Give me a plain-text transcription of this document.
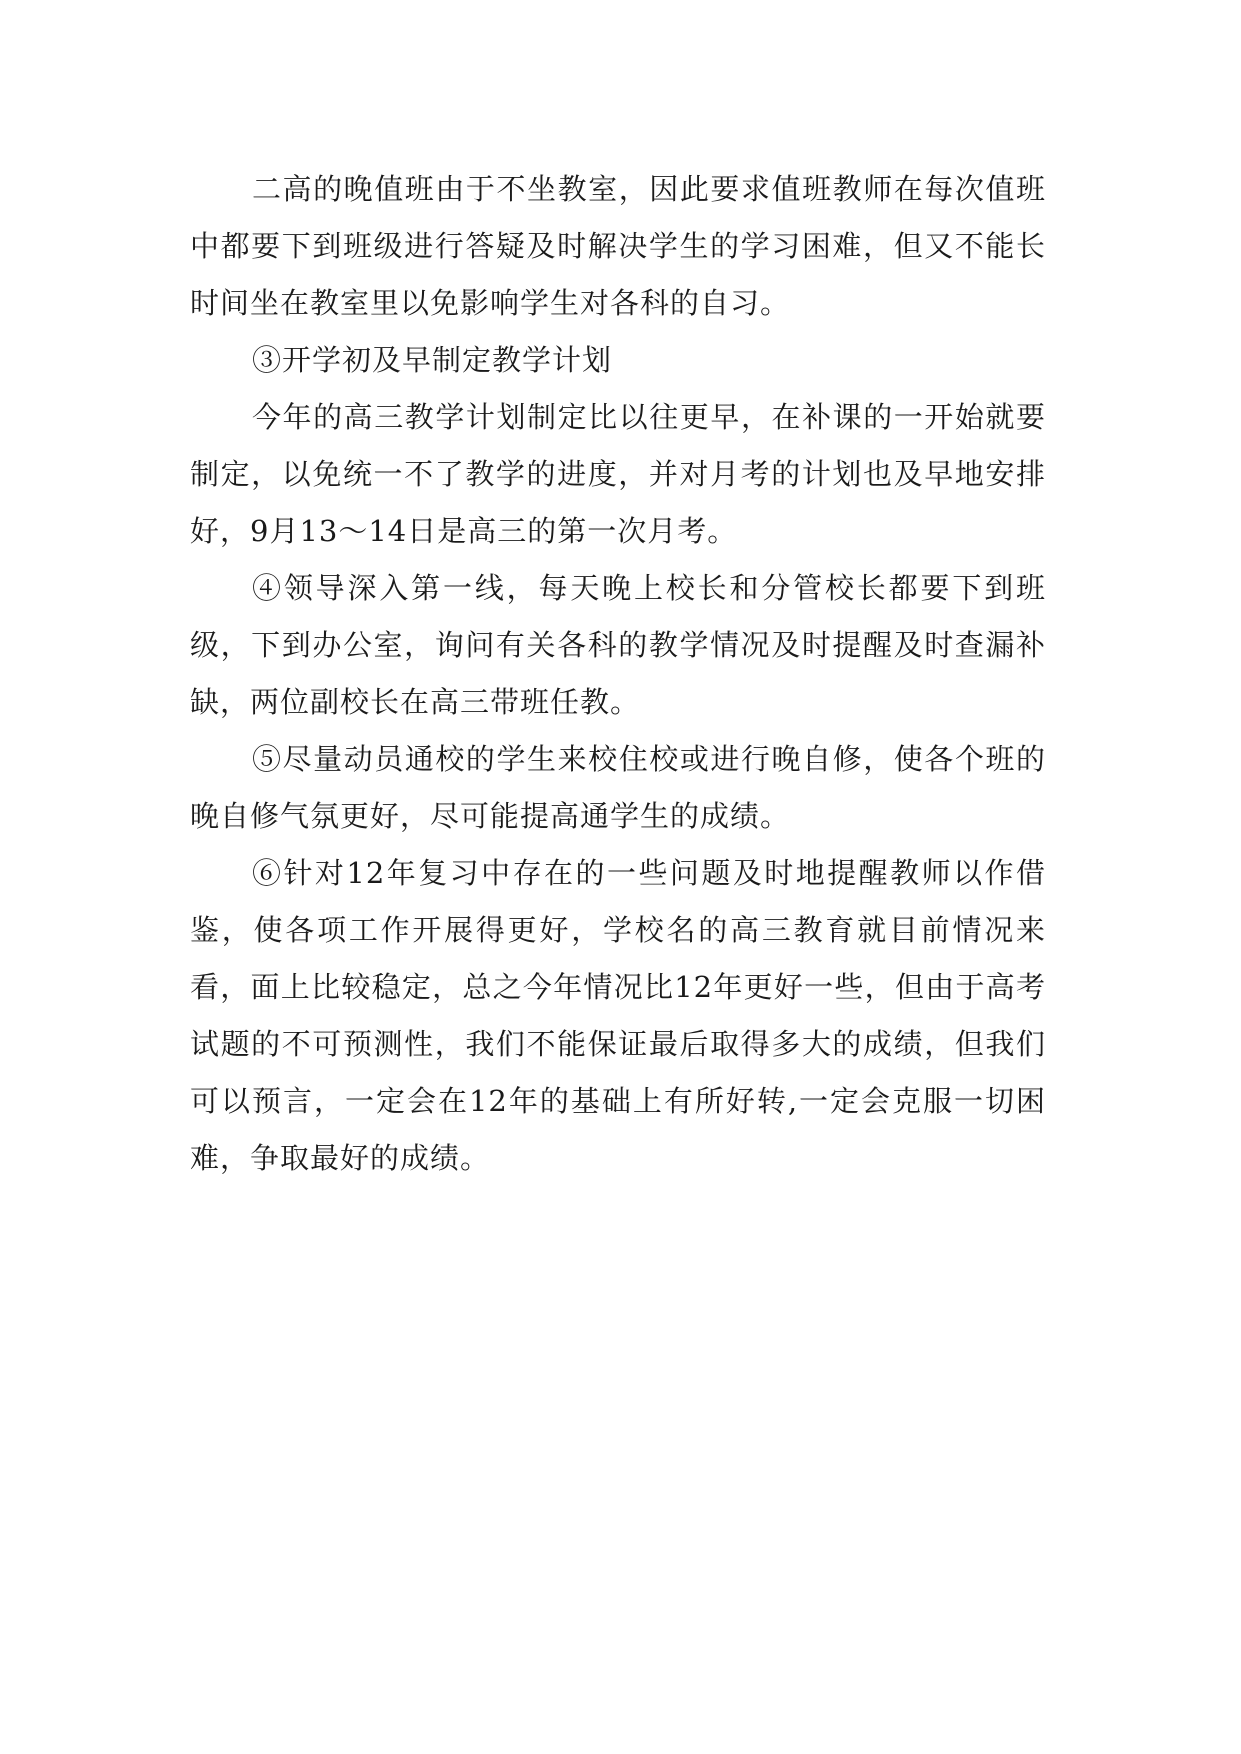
二高的晚值班由于不坐教室，因此要求值班教师在每次值班中都要下到班级进行答疑及时解决学生的学习困难，但又不能长时间坐在教室里以免影响学生对各科的自习。

③开学初及早制定教学计划

今年的高三教学计划制定比以往更早，在补课的一开始就要制定，以免统一不了教学的进度，并对月考的计划也及早地安排好，9月13～14日是高三的第一次月考。

④领导深入第一线，每天晚上校长和分管校长都要下到班级，下到办公室，询问有关各科的教学情况及时提醒及时查漏补缺，两位副校长在高三带班任教。

⑤尽量动员通校的学生来校住校或进行晚自修，使各个班的晚自修气氛更好，尽可能提高通学生的成绩。

⑥针对12年复习中存在的一些问题及时地提醒教师以作借鉴，使各项工作开展得更好，学校名的高三教育就目前情况来看，面上比较稳定，总之今年情况比12年更好一些，但由于高考试题的不可预测性，我们不能保证最后取得多大的成绩，但我们可以预言，一定会在12年的基础上有所好转,一定会克服一切困难，争取最好的成绩。
